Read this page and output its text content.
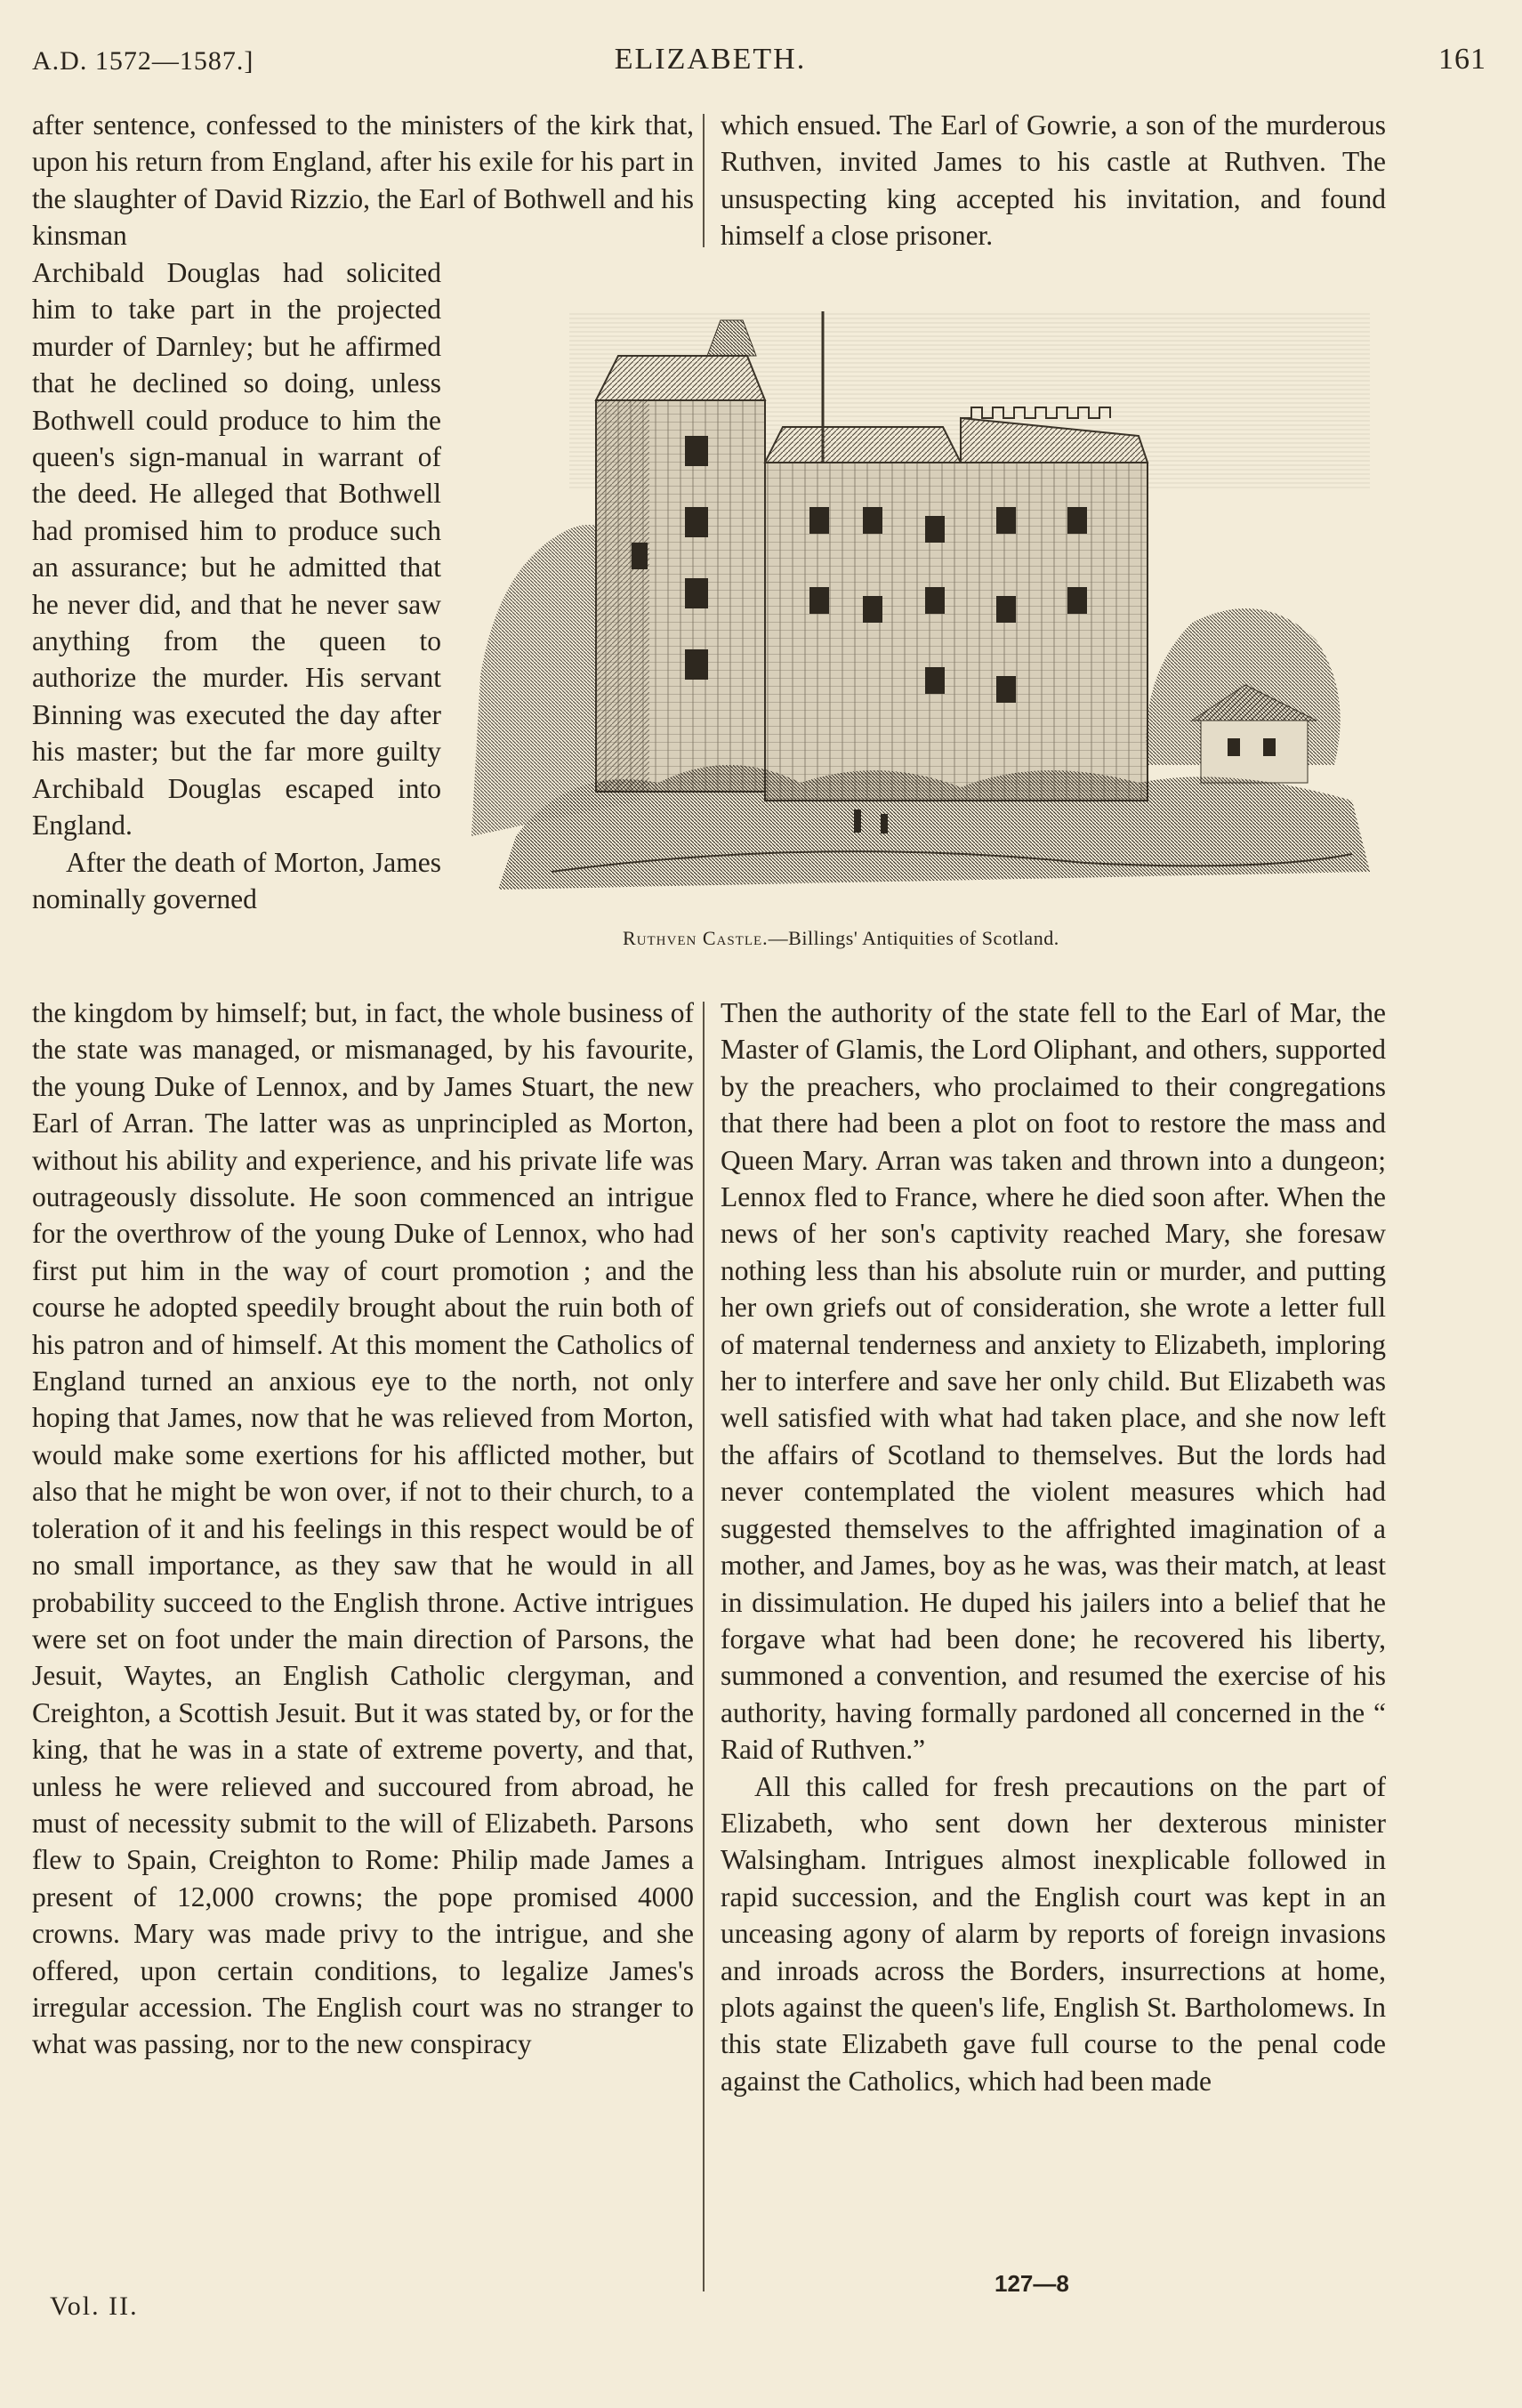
A.D. 1572—1587.]	ELIZABETH.	161

after sentence, confessed to the ministers of the kirk that, upon his return from England, after his exile for his part in the slaughter of David Rizzio, the Earl of Bothwell and his kinsman

Archibald Douglas had solicited him to take part in the projected murder of Darnley; but he affirmed that he declined so doing, unless Bothwell could produce to him the queen's sign-manual in warrant of the deed. He alleged that Bothwell had promised him to produce such an assurance; but he admitted that he never did, and that he never saw anything from the queen to authorize the murder. His servant Binning was executed the day after his master; but the far more guilty Archibald Douglas escaped into England.

After the death of Morton, James nominally governed

which ensued. The Earl of Gowrie, a son of the murderous Ruthven, invited James to his castle at Ruthven. The unsuspecting king accepted his invitation, and found himself a close prisoner.

Ruthven Castle.—Billings' Antiquities of Scotland.

the kingdom by himself; but, in fact, the whole business of the state was managed, or mismanaged, by his favourite, the young Duke of Lennox, and by James Stuart, the new Earl of Arran. The latter was as unprincipled as Morton, without his ability and experience, and his private life was outrageously dissolute. He soon commenced an intrigue for the overthrow of the young Duke of Lennox, who had first put him in the way of court promotion ; and the course he adopted speedily brought about the ruin both of his patron and of himself. At this moment the Catholics of England turned an anxious eye to the north, not only hoping that James, now that he was relieved from Morton, would make some exertions for his afflicted mother, but also that he might be won over, if not to their church, to a toleration of it and his feelings in this respect would be of no small importance, as they saw that he would in all probability succeed to the English throne. Active intrigues were set on foot under the main direction of Parsons, the Jesuit, Waytes, an English Catholic clergyman, and Creighton, a Scottish Jesuit. But it was stated by, or for the king, that he was in a state of extreme poverty, and that, unless he were relieved and succoured from abroad, he must of necessity submit to the will of Elizabeth. Parsons flew to Spain, Creighton to Rome: Philip made James a present of 12,000 crowns; the pope promised 4000 crowns. Mary was made privy to the intrigue, and she offered, upon certain conditions, to legalize James's irregular accession. The English court was no stranger to what was passing, nor to the new conspiracy

Then the authority of the state fell to the Earl of Mar, the Master of Glamis, the Lord Oliphant, and others, supported by the preachers, who proclaimed to their congregations that there had been a plot on foot to restore the mass and Queen Mary. Arran was taken and thrown into a dungeon; Lennox fled to France, where he died soon after. When the news of her son's captivity reached Mary, she foresaw nothing less than his absolute ruin or murder, and putting her own griefs out of consideration, she wrote a letter full of maternal tenderness and anxiety to Elizabeth, imploring her to interfere and save her only child. But Elizabeth was well satisfied with what had taken place, and she now left the affairs of Scotland to themselves. But the lords had never contemplated the violent measures which had suggested themselves to the affrighted imagination of a mother, and James, boy as he was, was their match, at least in dissimulation. He duped his jailers into a belief that he forgave what had been done; he recovered his liberty, summoned a convention, and resumed the exercise of his authority, having formally pardoned all concerned in the “ Raid of Ruthven.”

All this called for fresh precautions on the part of Elizabeth, who sent down her dexterous minister Walsingham. Intrigues almost inexplicable followed in rapid succession, and the English court was kept in an unceasing agony of alarm by reports of foreign invasions and inroads across the Borders, insurrections at home, plots against the queen's life, English St. Bartholomews. In this state Elizabeth gave full course to the penal code against the Catholics, which had been made

Vol. II.
127—8
